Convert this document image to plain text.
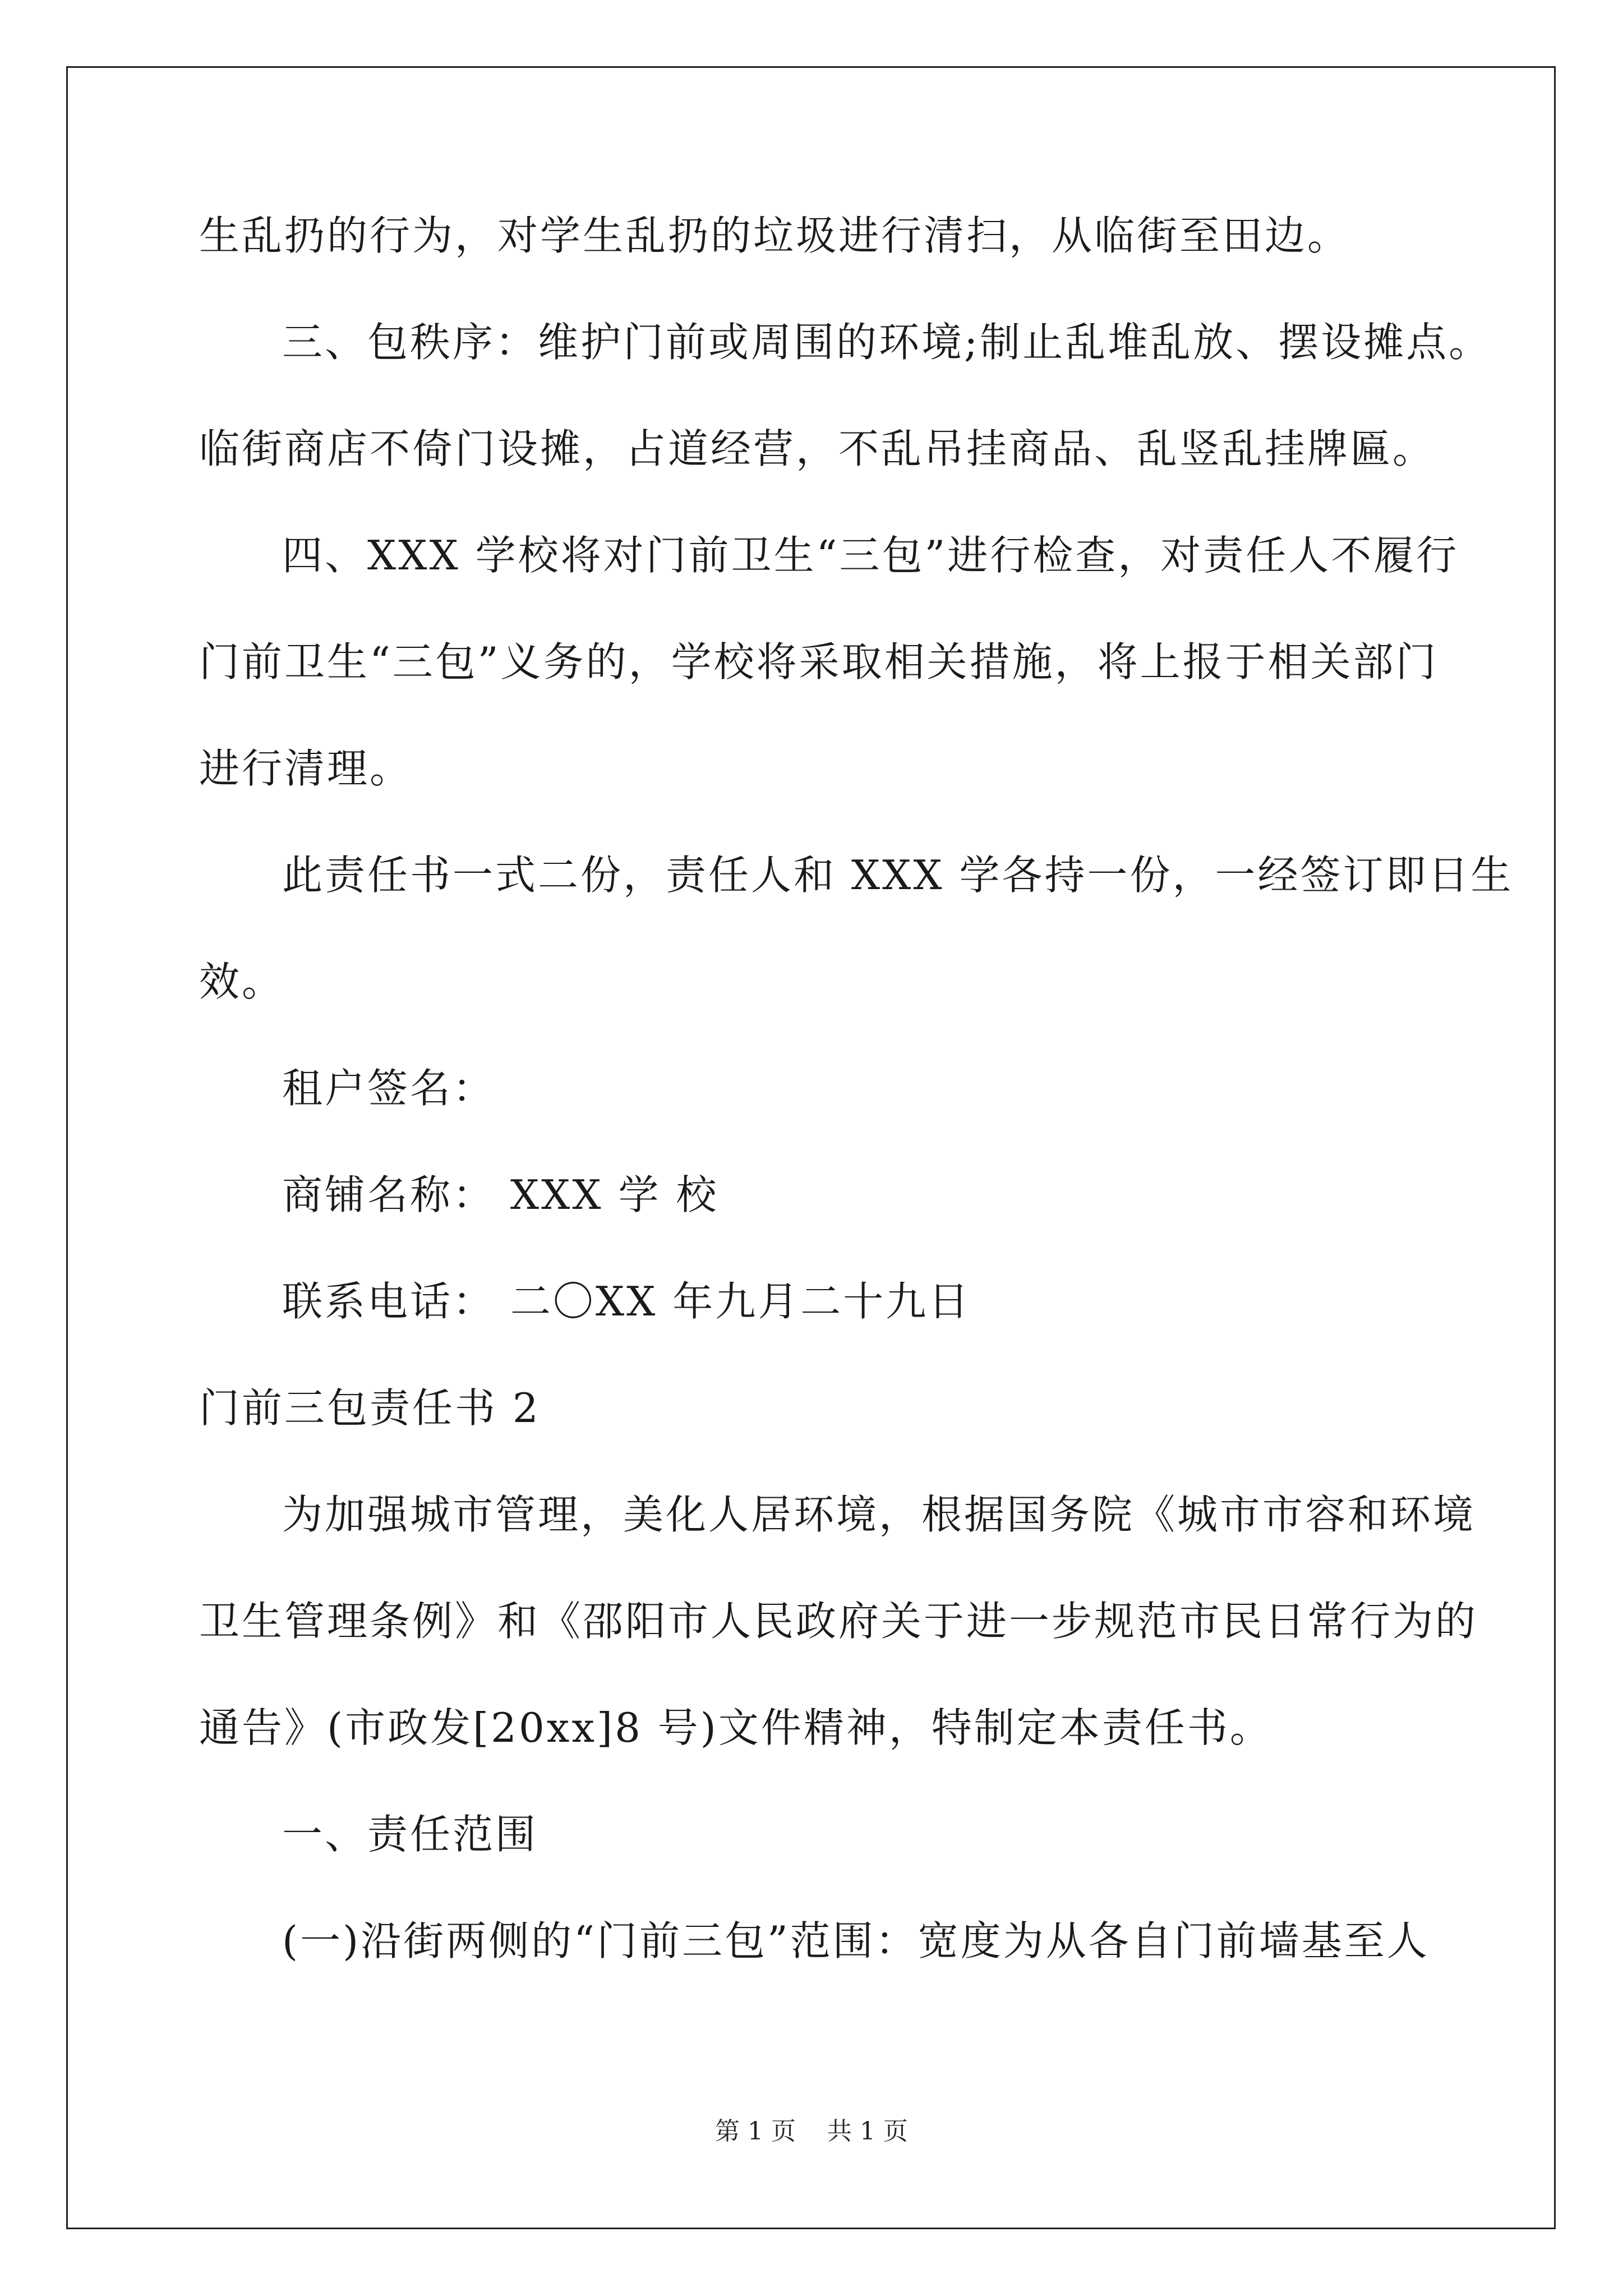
生乱扔的行为，对学生乱扔的垃圾进行清扫，从临街至田边。
三、包秩序：维护门前或周围的环境;制止乱堆乱放、摆设摊点。
临街商店不倚门设摊，占道经营，不乱吊挂商品、乱竖乱挂牌匾。
四、XXX 学校将对门前卫生“三包”进行检查，对责任人不履行
门前卫生“三包”义务的，学校将采取相关措施，将上报于相关部门
进行清理。
此责任书一式二份，责任人和 XXX 学各持一份，一经签订即日生
效。
租户签名：
商铺名称： XXX 学 校
联系电话： 二〇XX 年九月二十九日
门前三包责任书 2
为加强城市管理，美化人居环境，根据国务院《城市市容和环境
卫生管理条例》和《邵阳市人民政府关于进一步规范市民日常行为的
通告》(市政发[20xx]8 号)文件精神，特制定本责任书。
一、责任范围
(一)沿街两侧的“门前三包”范围：宽度为从各自门前墙基至人
第 1 页    共 1 页
